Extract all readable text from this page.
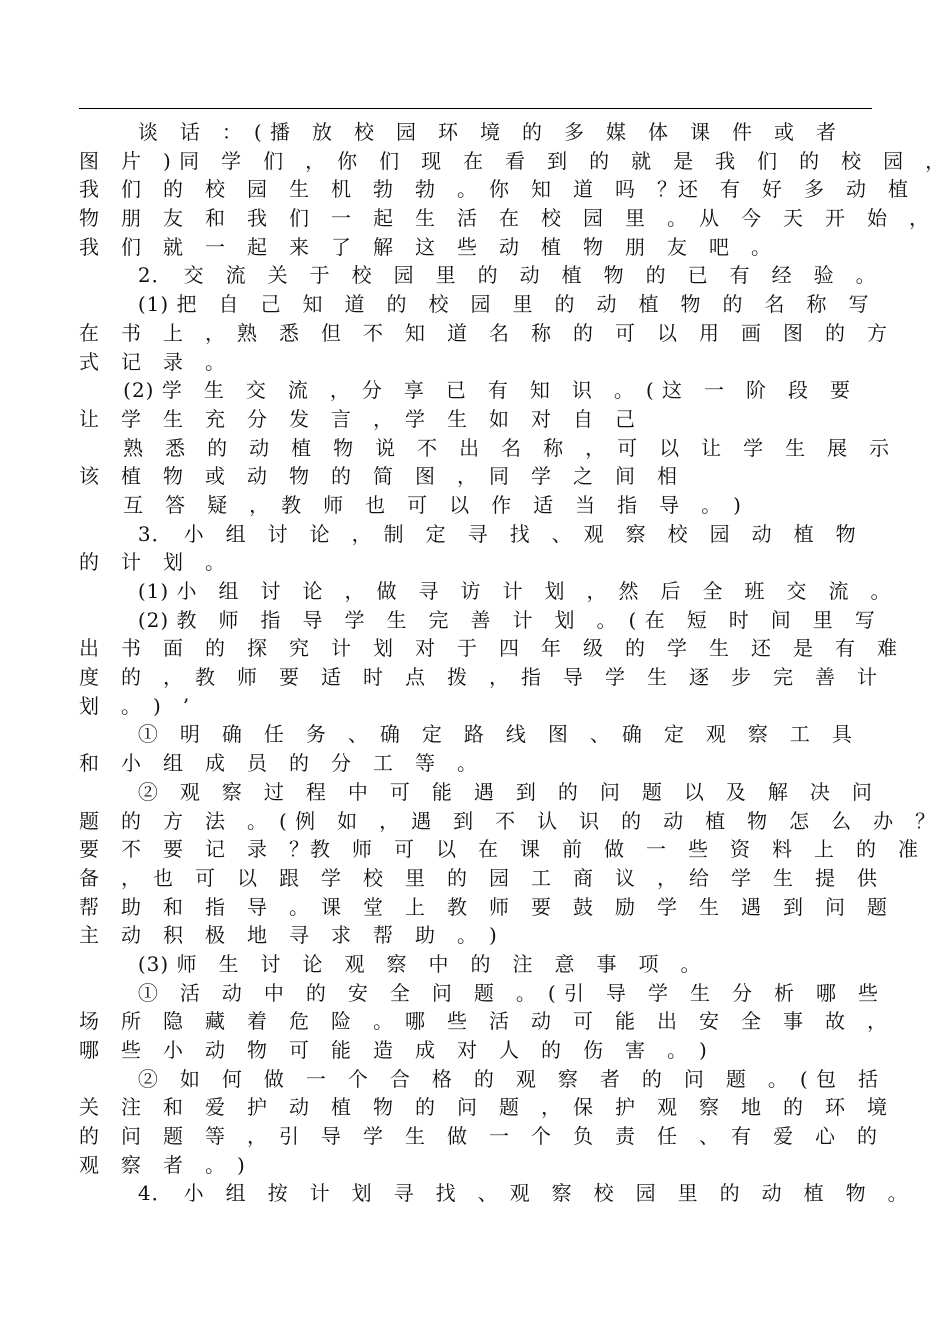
谈　话　：　( 播　放　校　园　环　境　的　多　媒　体　课　件　或　者
图　片　) 同　学　们　，　你　们　现　在　看　到　的　就　是　我　们　的　校　园　，
我　们　的　校　园　生　机　勃　勃　。　你　知　道　吗　？还　有　好　多　动　植
物　朋　友　和　我　们　一　起　生　活　在　校　园　里　。　从　今　天　开　始　，
我　们　就　一　起　来　了　解　这　些　动　植　物　朋　友　吧　。
2．　交　流　关　于　校　园　里　的　动　植　物　的　已　有　经　验　。
(1) 把　自　己　知　道　的　校　园　里　的　动　植　物　的　名　称　写
在　书　上　，　熟　悉　但　不　知　道　名　称　的　可　以　用　画　图　的　方
式　记　录　。
(2) 学　生　交　流　，　分　享　已　有　知　识　。　( 这　一　阶　段　要
让　学　生　充　分　发　言　，　学　生　如　对　自　己
熟　悉　的　动　植　物　说　不　出　名　称　，　可　以　让　学　生　展　示
该　植　物　或　动　物　的　简　图　，　同　学　之　间　相
互　答　疑　，　教　师　也　可　以　作　适　当　指　导　。　)
3．　小　组　讨　论　，　制　定　寻　找　、　观　察　校　园　动　植　物
的　计　划　。
(1) 小　组　讨　论　，　做　寻　访　计　划　，　然　后　全　班　交　流　。
(2) 教　师　指　导　学　生　完　善　计　划　。　( 在　短　时　间　里　写
出　书　面　的　探　究　计　划　对　于　四　年　级　的　学　生　还　是　有　难
度　的　，　教　师　要　适　时　点　拨　，　指　导　学　生　逐　步　完　善　计
划　。　)　’
①　明　确　任　务　、　确　定　路　线　图　、　确　定　观　察　工　具
和　小　组　成　员　的　分　工　等　。
②　观　察　过　程　中　可　能　遇　到　的　问　题　以　及　解　决　问
题　的　方　法　。　( 例　如　，　遇　到　不　认　识　的　动　植　物　怎　么　办　？
要　不　要　记　录　？教　师　可　以　在　课　前　做　一　些　资　料　上　的　准
备　，　也　可　以　跟　学　校　里　的　园　工　商　议　，　给　学　生　提　供
帮　助　和　指　导　。　课　堂　上　教　师　要　鼓　励　学　生　遇　到　问　题
主　动　积　极　地　寻　求　帮　助　。　)
(3) 师　生　讨　论　观　察　中　的　注　意　事　项　。
①　活　动　中　的　安　全　问　题　。　( 引　导　学　生　分　析　哪　些
场　所　隐　藏　着　危　险　。　哪　些　活　动　可　能　出　安　全　事　故　，
哪　些　小　动　物　可　能　造　成　对　人　的　伤　害　。　)
②　如　何　做　一　个　合　格　的　观　察　者　的　问　题　。　( 包　括
关　注　和　爱　护　动　植　物　的　问　题　，　保　护　观　察　地　的　环　境
的　问　题　等　，　引　导　学　生　做　一　个　负　责　任　、　有　爱　心　的
观　察　者　。　)
4．　小　组　按　计　划　寻　找　、　观　察　校　园　里　的　动　植　物　。
